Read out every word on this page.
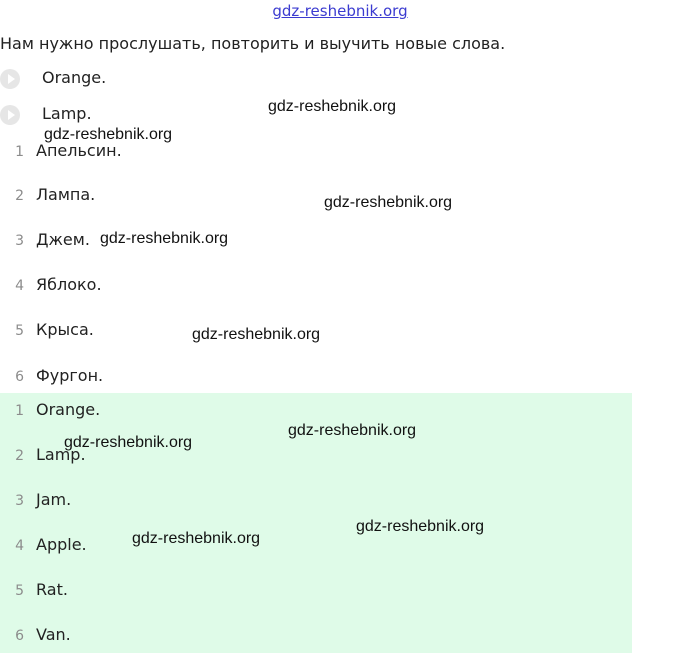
gdz-reshebnik.org
Нам нужно прослушать, повторить и выучить новые слова.
Orange.
Lamp.
1 Апельсин.
2 Лампа.
3 Джем.
4 Яблоко.
5 Крыса.
6 Фургон.
1 Orange.
2 Lamp.
3 Jam.
4 Apple.
5 Rat.
6 Van.
gdz-reshebnik.org
gdz-reshebnik.org
gdz-reshebnik.org
gdz-reshebnik.org
gdz-reshebnik.org
gdz-reshebnik.org
gdz-reshebnik.org
gdz-reshebnik.org
gdz-reshebnik.org
